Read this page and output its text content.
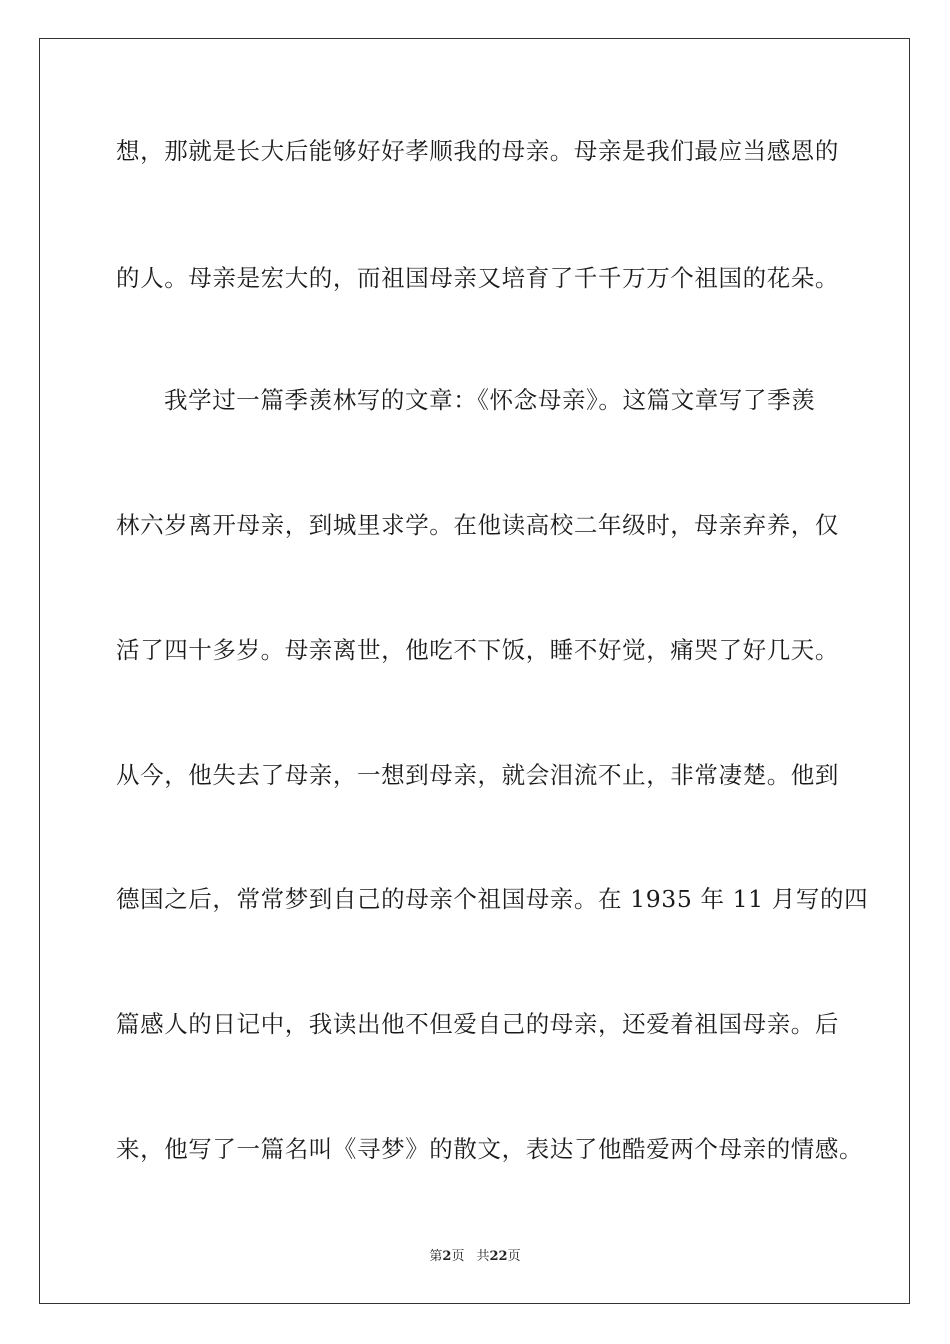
想，那就是长大后能够好好孝顺我的母亲。母亲是我们最应当感恩的
的人。母亲是宏大的，而祖国母亲又培育了千千万万个祖国的花朵。
我学过一篇季羡林写的文章：《怀念母亲》。这篇文章写了季羡
林六岁离开母亲，到城里求学。在他读高校二年级时，母亲弃养，仅
活了四十多岁。母亲离世，他吃不下饭，睡不好觉，痛哭了好几天。
从今，他失去了母亲，一想到母亲，就会泪流不止，非常凄楚。他到
德国之后，常常梦到自己的母亲个祖国母亲。在 1935 年 11 月写的四
篇感人的日记中，我读出他不但爱自己的母亲，还爱着祖国母亲。后
来，他写了一篇名叫《寻梦》的散文，表达了他酷爱两个母亲的情感。
第2页 共22页
